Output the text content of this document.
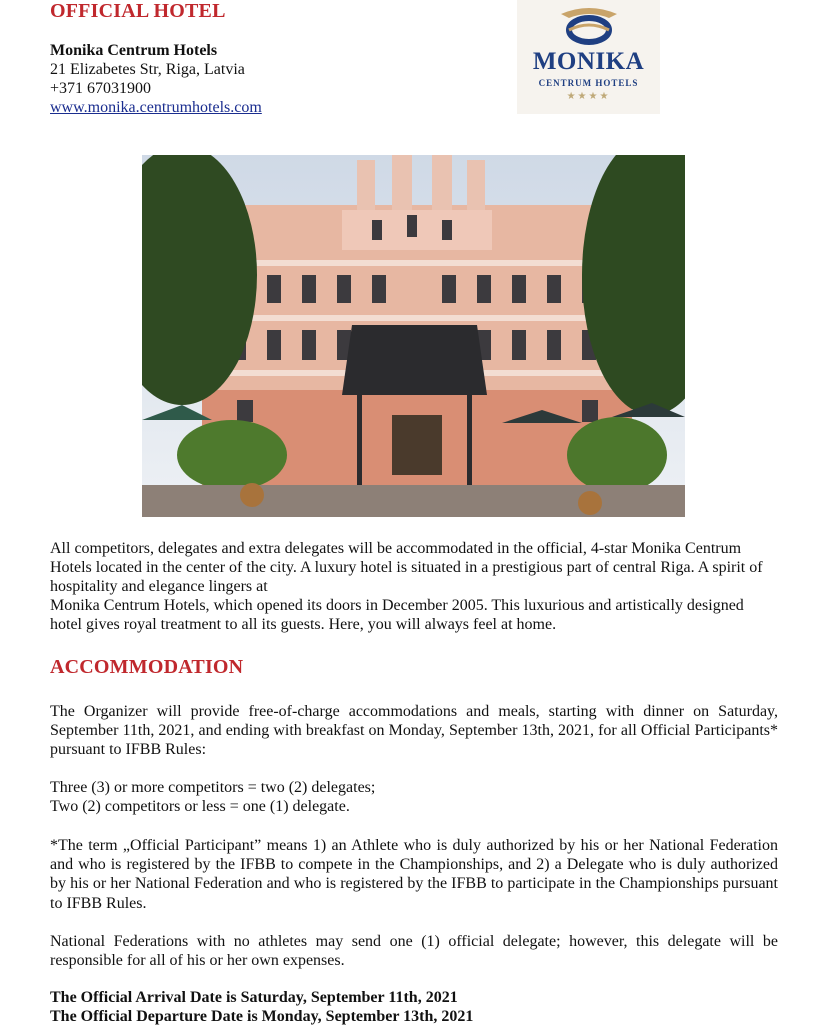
OFFICIAL HOTEL
Monika Centrum Hotels
21 Elizabetes Str, Riga, Latvia
+371 67031900
www.monika.centrumhotels.com
MONIKA
CENTRUM HOTELS
★★★★

All competitors, delegates and extra delegates will be accommodated in the official, 4-star Monika Centrum Hotels located in the center of the city. A luxury hotel is situated in a prestigious part of central Riga. A spirit of hospitality and elegance lingers at

Monika Centrum Hotels, which opened its doors in December 2005. This luxurious and artistically designed hotel gives royal treatment to all its guests. Here, you will always feel at home.

ACCOMMODATION

The Organizer will provide free-of-charge accommodations and meals, starting with dinner on Saturday, September 11th, 2021, and ending with breakfast on Monday, September 13th, 2021, for all Official Participants* pursuant to IFBB Rules:

Three (3) or more competitors = two (2) delegates;

Two (2) competitors or less = one (1) delegate.

*The term „Official Participant” means 1) an Athlete who is duly authorized by his or her National Federation and who is registered by the IFBB to compete in the Championships, and 2) a Delegate who is duly authorized by his or her National Federation and who is registered by the IFBB to participate in the Championships pursuant to IFBB Rules.

National Federations with no athletes may send one (1) official delegate; however, this delegate will be responsible for all of his or her own expenses.

The Official Arrival Date is Saturday, September 11th, 2021
The Official Departure Date is Monday, September 13th, 2021
